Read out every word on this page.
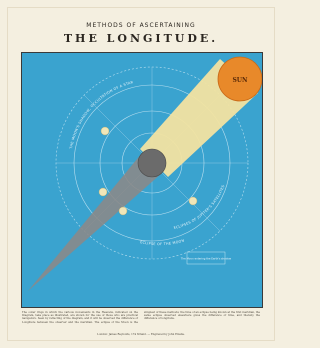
METHODS OF ASCERTAINING
THE LONGITUDE.
SUN
THE MOON'S SHADOW, OCCULTATION OF A STAR
ECLIPSES OF JUPITER'S SATELLITES
ECLIPSE OF THE MOON
The Moon entering the Earth's shadow
The outer rings in which the various movements in the Heavens, indicated on the Diagram, take place as illustrated, are shown for the use of those who are practical navigators. Seen by reflecting of the diagram, and it will be observed the difference of Longitude between the observer and the meridian. The eclipse of the Moon is the simplest of these methods; the time of an eclipse being known at the first meridian, the same eclipse observed elsewhere gives the difference of time, and thereby the difference of longitude.
London: James Reynolds, 174 Strand. — Engraved by John Emslie.
